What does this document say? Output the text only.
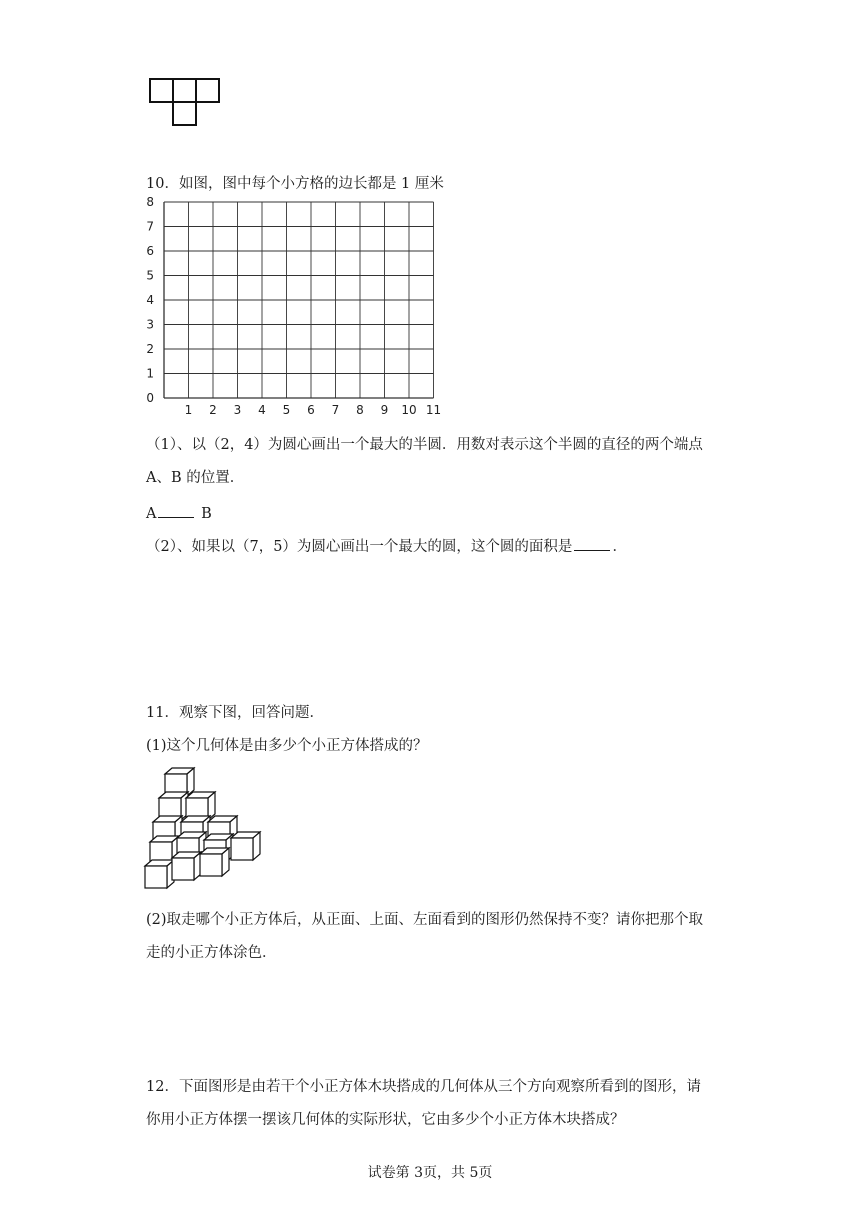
10．如图，图中每个小方格的边长都是 1 厘米
1 2 3 4 5 6 7 8 9 10 11
0
1
2
3
4
5
6
7
8
（1）、以（2，4）为圆心画出一个最大的半圆．用数对表示这个半圆的直径的两个端点
A、B 的位置．
A	B
（2）、如果以（7，5）为圆心画出一个最大的圆，这个圆的面积是	．
11．观察下图，回答问题．
(1)这个几何体是由多少个小正方体搭成的？
(2)取走哪个小正方体后，从正面、上面、左面看到的图形仍然保持不变？请你把那个取
走的小正方体涂色．
12．下面图形是由若干个小正方体木块搭成的几何体从三个方向观察所看到的图形，请
你用小正方体摆一摆该几何体的实际形状，它由多少个小正方体木块搭成？
试卷第 3页，共 5页
